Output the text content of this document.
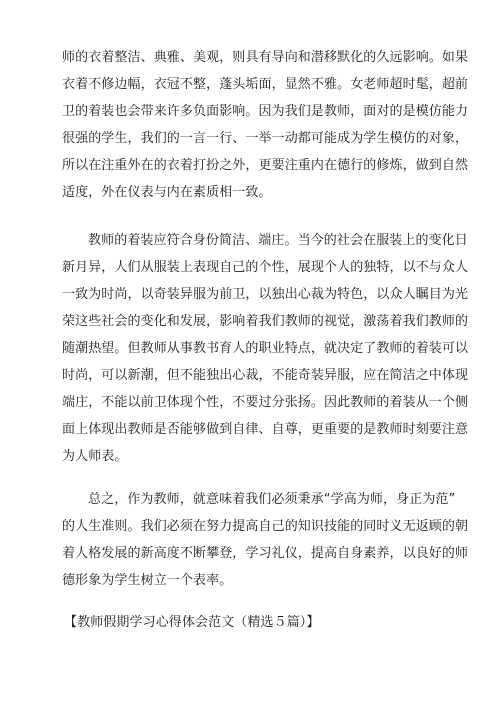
师的衣着整洁、典雅、美观，则具有导向和潜移默化的久远影响。如果
衣着不修边幅，衣冠不整，蓬头垢面，显然不雅。女老师超时髦，超前
卫的着装也会带来许多负面影响。因为我们是教师，面对的是模仿能力
很强的学生，我们的一言一行、一举一动都可能成为学生模仿的对象，
所以在注重外在的衣着打扮之外，更要注重内在德行的修炼，做到自然
适度，外在仪表与内在素质相一致。
教师的着装应符合身份简洁、端庄。当今的社会在服装上的变化日
新月异，人们从服装上表现自己的个性，展现个人的独特，以不与众人
一致为时尚，以奇装异服为前卫，以独出心裁为特色，以众人瞩目为光
荣这些社会的变化和发展，影响着我们教师的视觉，激荡着我们教师的
随潮热望。但教师从事教书育人的职业特点，就决定了教师的着装可以
时尚，可以新潮，但不能独出心裁，不能奇装异服，应在简洁之中体现
端庄，不能以前卫体现个性，不要过分张扬。因此教师的着装从一个侧
面上体现出教师是否能够做到自律、自尊，更重要的是教师时刻要注意
为人师表。
总之，作为教师，就意味着我们必须秉承“学高为师，身正为范”
的人生准则。我们必须在努力提高自己的知识技能的同时义无返顾的朝
着人格发展的新高度不断攀登，学习礼仪，提高自身素养，以良好的师
德形象为学生树立一个表率。
【教师假期学习心得体会范文（精选５篇）】
